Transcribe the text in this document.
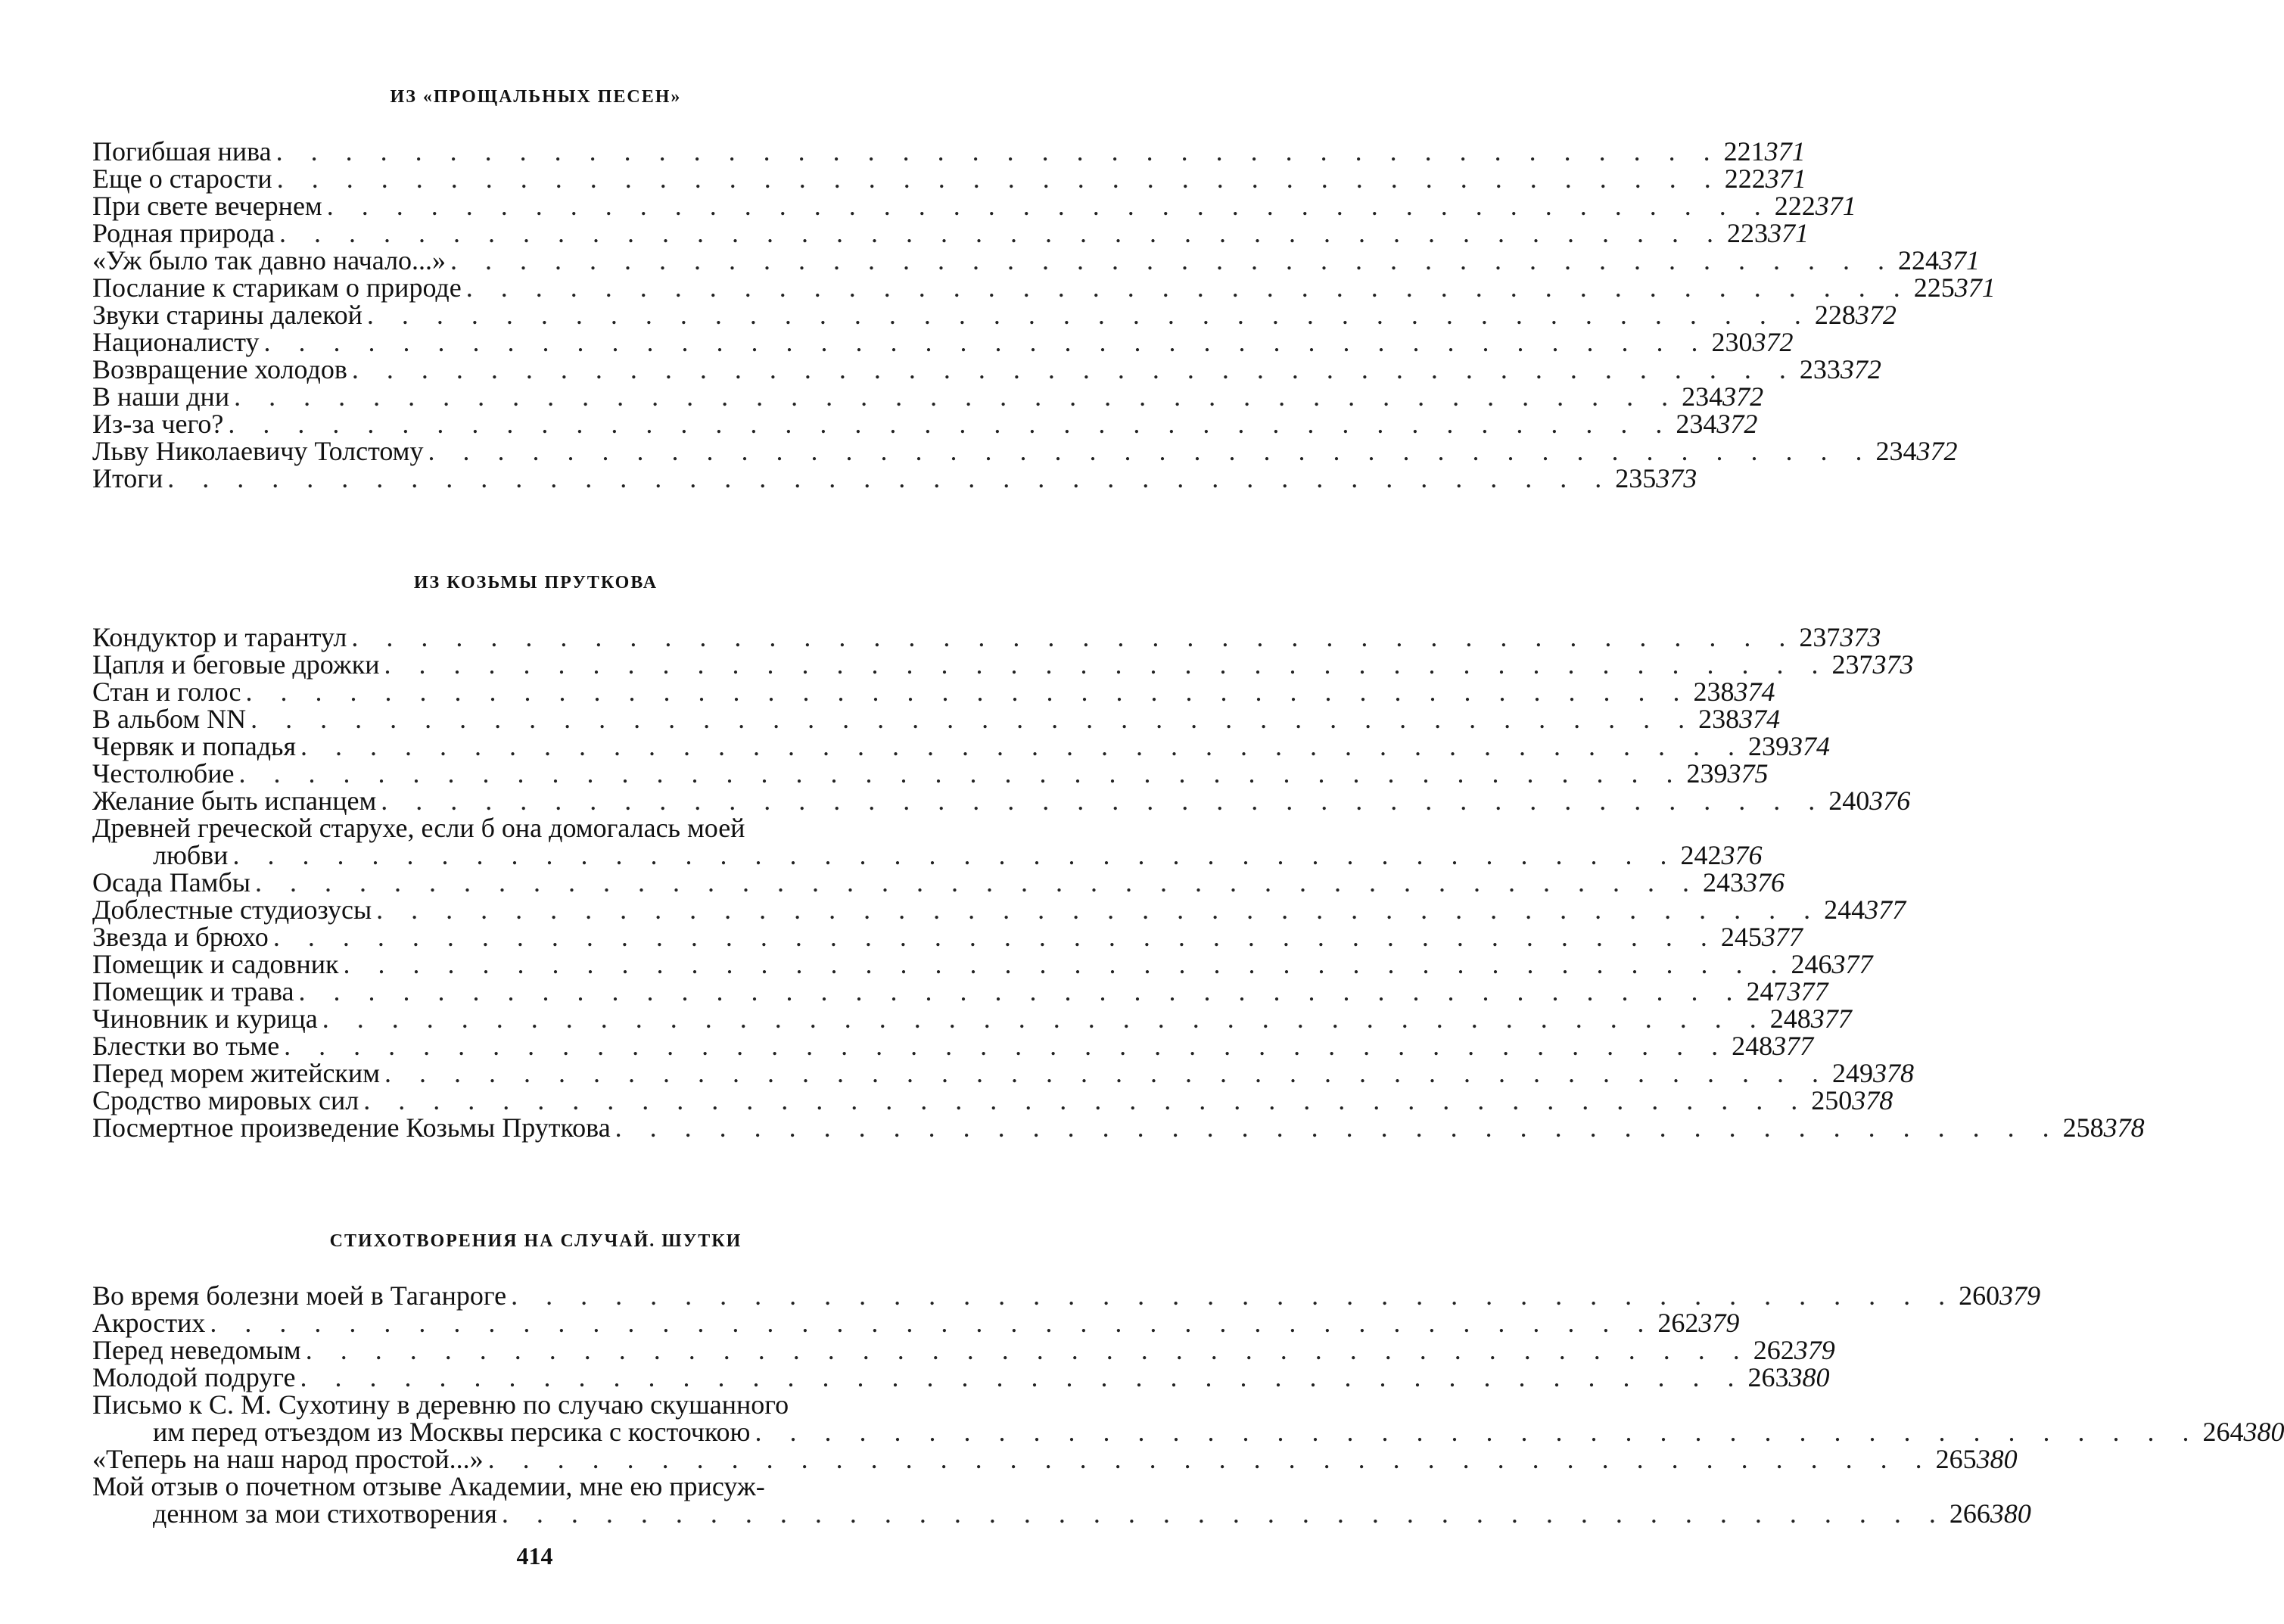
ИЗ «ПРОЩАЛЬНЫХ ПЕСЕН»
Погибшая нива . . . . . . . . . . . . . . . . . . . . . . . . . . . . . . . . . . . . . . . . . . 221 371
Еще о старости . . . . . . . . . . . . . . . . . . . . . . . . . . . . . . . . . . . . . . . . . . 222 371
При свете вечернем . . . . . . . . . . . . . . . . . . . . . . . . . . . . . . . . . . . . . . . . . . 222 371
Родная природа . . . . . . . . . . . . . . . . . . . . . . . . . . . . . . . . . . . . . . . . . . 223 371
«Уж было так давно начало...» . . . . . . . . . . . . . . . . . . . . . . . . . . . . . . . . . . . . . . . . . . 224 371
Послание к старикам о природе . . . . . . . . . . . . . . . . . . . . . . . . . . . . . . . . . . . . . . . . . . 225 371
Звуки старины далекой . . . . . . . . . . . . . . . . . . . . . . . . . . . . . . . . . . . . . . . . . . 228 372
Националисту . . . . . . . . . . . . . . . . . . . . . . . . . . . . . . . . . . . . . . . . . . 230 372
Возвращение холодов . . . . . . . . . . . . . . . . . . . . . . . . . . . . . . . . . . . . . . . . . . 233 372
В наши дни . . . . . . . . . . . . . . . . . . . . . . . . . . . . . . . . . . . . . . . . . . 234 372
Из-за чего? . . . . . . . . . . . . . . . . . . . . . . . . . . . . . . . . . . . . . . . . . . 234 372
Льву Николаевичу Толстому . . . . . . . . . . . . . . . . . . . . . . . . . . . . . . . . . . . . . . . . . . 234 372
Итоги . . . . . . . . . . . . . . . . . . . . . . . . . . . . . . . . . . . . . . . . . . 235 373
ИЗ КОЗЬМЫ ПРУТКОВА
Кондуктор и тарантул . . . . . . . . . . . . . . . . . . . . . . . . . . . . . . . . . . . . . . . . . . 237 373
Цапля и беговые дрожки . . . . . . . . . . . . . . . . . . . . . . . . . . . . . . . . . . . . . . . . . . 237 373
Стан и голос . . . . . . . . . . . . . . . . . . . . . . . . . . . . . . . . . . . . . . . . . . 238 374
В альбом NN . . . . . . . . . . . . . . . . . . . . . . . . . . . . . . . . . . . . . . . . . . 238 374
Червяк и попадья . . . . . . . . . . . . . . . . . . . . . . . . . . . . . . . . . . . . . . . . . . 239 374
Честолюбие . . . . . . . . . . . . . . . . . . . . . . . . . . . . . . . . . . . . . . . . . . 239 375
Желание быть испанцем . . . . . . . . . . . . . . . . . . . . . . . . . . . . . . . . . . . . . . . . . . 240 376
Древней греческой старухе, если б она домогалась моей
любви . . . . . . . . . . . . . . . . . . . . . . . . . . . . . . . . . . . . . . . . . . 242 376
Осада Памбы . . . . . . . . . . . . . . . . . . . . . . . . . . . . . . . . . . . . . . . . . . 243 376
Доблестные студиозусы . . . . . . . . . . . . . . . . . . . . . . . . . . . . . . . . . . . . . . . . . . 244 377
Звезда и брюхо . . . . . . . . . . . . . . . . . . . . . . . . . . . . . . . . . . . . . . . . . . 245 377
Помещик и садовник . . . . . . . . . . . . . . . . . . . . . . . . . . . . . . . . . . . . . . . . . . 246 377
Помещик и трава . . . . . . . . . . . . . . . . . . . . . . . . . . . . . . . . . . . . . . . . . . 247 377
Чиновник и курица . . . . . . . . . . . . . . . . . . . . . . . . . . . . . . . . . . . . . . . . . . 248 377
Блестки во тьме . . . . . . . . . . . . . . . . . . . . . . . . . . . . . . . . . . . . . . . . . . 248 377
Перед морем житейским . . . . . . . . . . . . . . . . . . . . . . . . . . . . . . . . . . . . . . . . . . 249 378
Сродство мировых сил . . . . . . . . . . . . . . . . . . . . . . . . . . . . . . . . . . . . . . . . . . 250 378
Посмертное произведение Козьмы Пруткова . . . . . . . . . . . . . . . . . . . . . . . . . . . . . . . . . . . . . . . . . . 258 378
СТИХОТВОРЕНИЯ НА СЛУЧАЙ. ШУТКИ
Во время болезни моей в Таганроге . . . . . . . . . . . . . . . . . . . . . . . . . . . . . . . . . . . . . . . . . . 260 379
Акростих . . . . . . . . . . . . . . . . . . . . . . . . . . . . . . . . . . . . . . . . . . 262 379
Перед неведомым . . . . . . . . . . . . . . . . . . . . . . . . . . . . . . . . . . . . . . . . . . 262 379
Молодой подруге . . . . . . . . . . . . . . . . . . . . . . . . . . . . . . . . . . . . . . . . . . 263 380
Письмо к С. М. Сухотину в деревню по случаю скушанного
им перед отъездом из Москвы персика с косточкою . . . . . . . . . . . . . . . . . . . . . . . . . . . . . . . . . . . . . . . . . . 264 380
«Теперь на наш народ простой...» . . . . . . . . . . . . . . . . . . . . . . . . . . . . . . . . . . . . . . . . . . 265 380
Мой отзыв о почетном отзыве Академии, мне ею присуж-
денном за мои стихотворения . . . . . . . . . . . . . . . . . . . . . . . . . . . . . . . . . . . . . . . . . . 266 380
414
